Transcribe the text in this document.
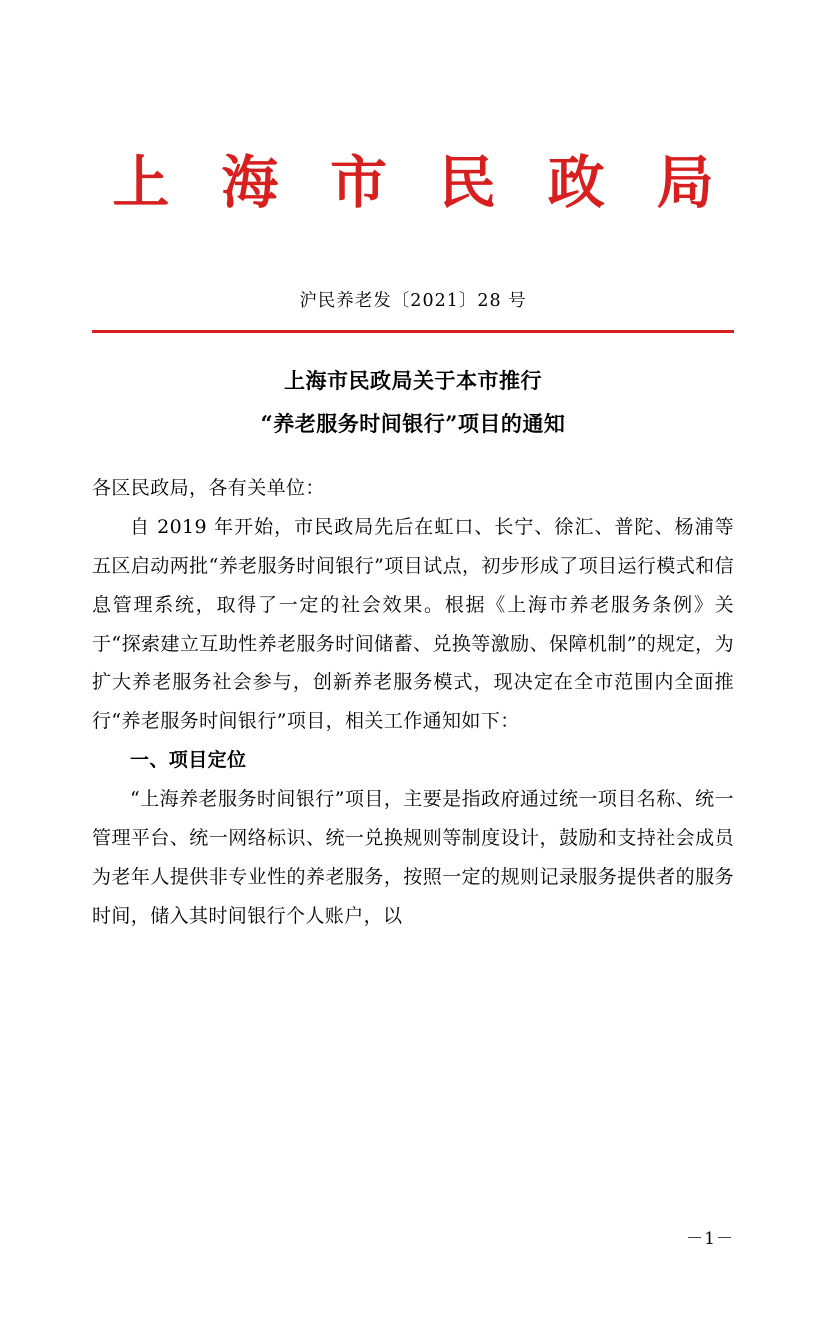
上 海 市 民 政 局
沪民养老发〔2021〕28 号
上海市民政局关于本市推行
“养老服务时间银行”项目的通知

各区民政局，各有关单位：

自 2019 年开始，市民政局先后在虹口、长宁、徐汇、普陀、杨浦等五区启动两批“养老服务时间银行”项目试点，初步形成了项目运行模式和信息管理系统，取得了一定的社会效果。根据《上海市养老服务条例》关于“探索建立互助性养老服务时间储蓄、兑换等激励、保障机制”的规定，为扩大养老服务社会参与，创新养老服务模式，现决定在全市范围内全面推行“养老服务时间银行”项目，相关工作通知如下：

一、项目定位

“上海养老服务时间银行”项目，主要是指政府通过统一项目名称、统一管理平台、统一网络标识、统一兑换规则等制度设计，鼓励和支持社会成员为老年人提供非专业性的养老服务，按照一定的规则记录服务提供者的服务时间，储入其时间银行个人账户，以

－1－
